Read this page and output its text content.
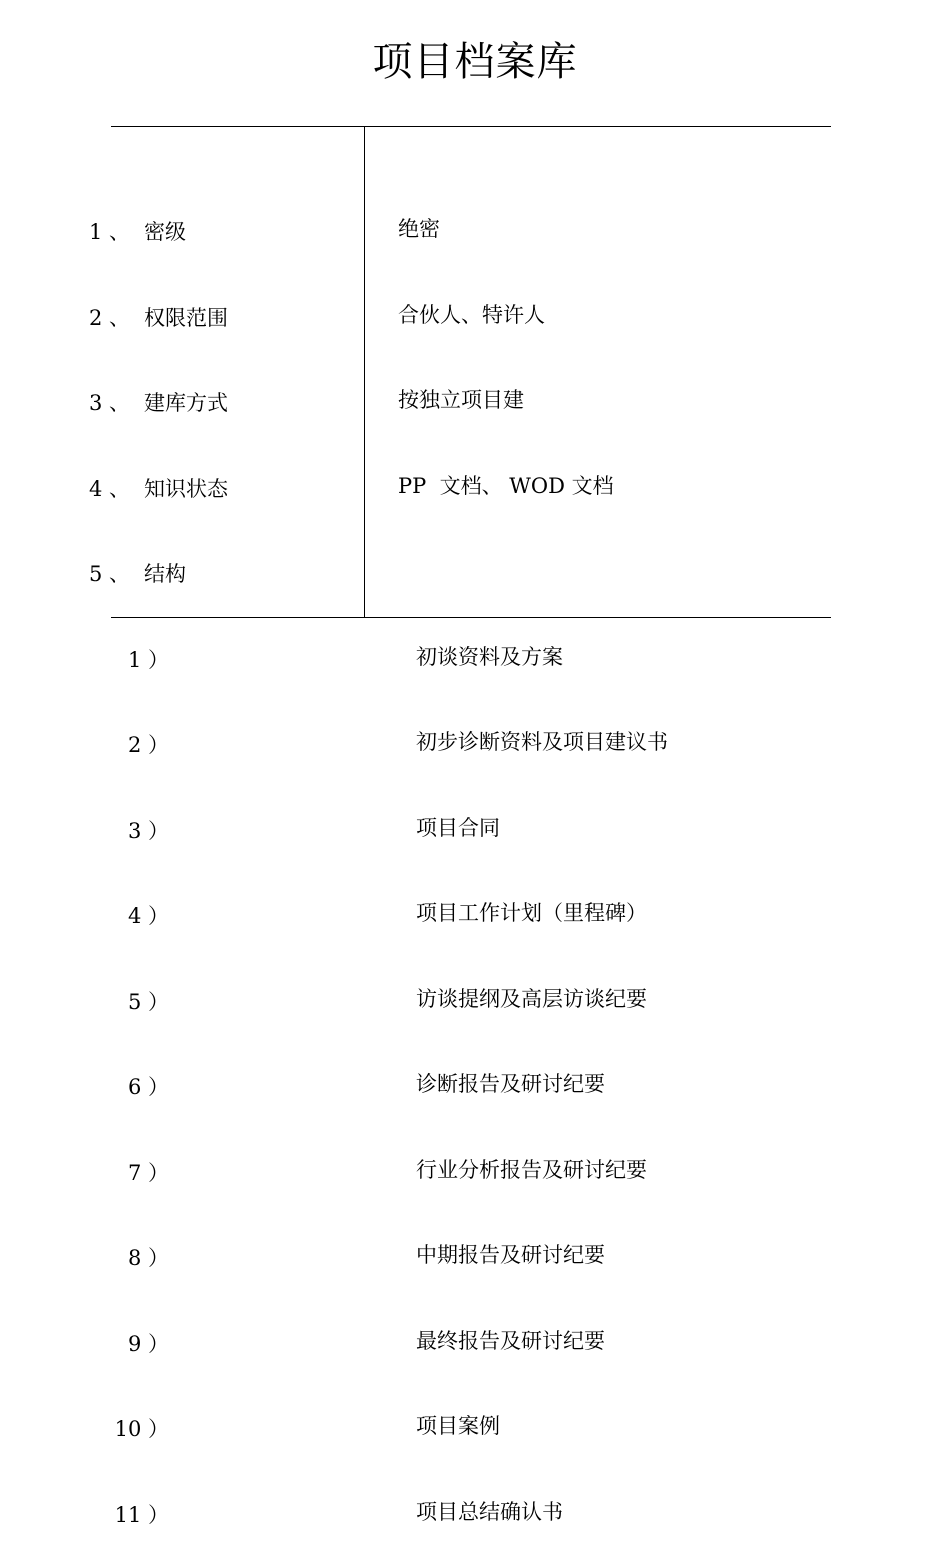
项目档案库

1 、 密级

2 、 权限范围

3 、 建库方式

4 、 知识状态

5 、 结构

1 ）

2 ）

3 ）

4 ）

5 ）

6 ）

7 ）

8 ）

9 ）

10 ）

11 ）

绝密

合伙人、特许人

按独立项目建

PP  文档、 WOD 文档

初谈资料及方案

初步诊断资料及项目建议书

项目合同

项目工作计划（里程碑）

访谈提纲及高层访谈纪要

诊断报告及研讨纪要

行业分析报告及研讨纪要

中期报告及研讨纪要

最终报告及研讨纪要

项目案例

项目总结确认书
